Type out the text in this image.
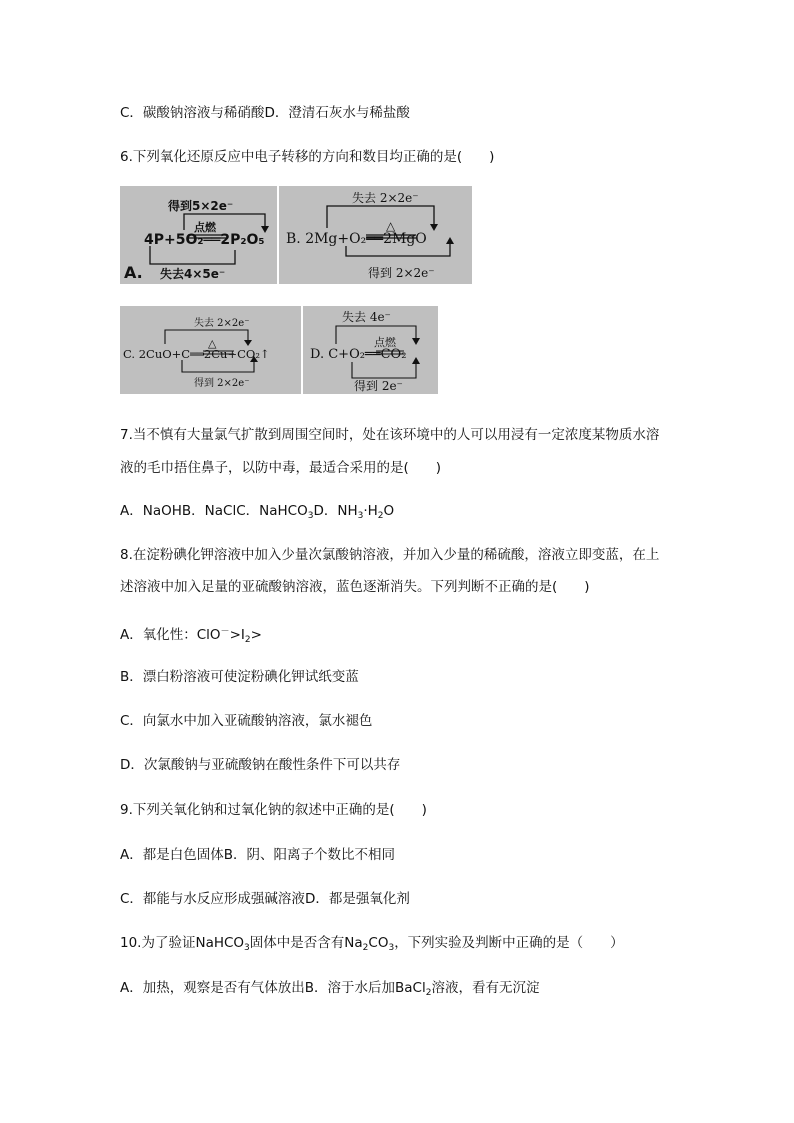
C．碳酸钠溶液与稀硝酸D．澄清石灰水与稀盐酸
6.下列氧化还原反应中电子转移的方向和数目均正确的是(　　)
得到5×2e⁻
点燃
4P+5O₂══2P₂O₅
失去4×5e⁻
A.
失去 2×2e⁻
△
B. 2Mg+O₂══2MgO
得到 2×2e⁻
失去 2×2e⁻
△
C. 2CuO+C══2Cu+CO₂↑
得到 2×2e⁻
失去 4e⁻
点燃
D. C+O₂══CO₂
得到 2e⁻
7.当不慎有大量氯气扩散到周围空间时，处在该环境中的人可以用浸有一定浓度某物质水溶
液的毛巾捂住鼻子，以防中毒，最适合采用的是(　　)
A．NaOHB．NaClC．NaHCO$_3$D．$NH_3\cdot H_2O$
8.在淀粉碘化钾溶液中加入少量次氯酸钠溶液，并加入少量的稀硫酸，溶液立即变蓝，在上
述溶液中加入足量的亚硫酸钠溶液，蓝色逐渐消失。下列判断不正确的是(　　)
A．氧化性：$ClO^->I_2>$
B．漂白粉溶液可使淀粉碘化钾试纸变蓝
C．向氯水中加入亚硫酸钠溶液，氯水褪色
D．次氯酸钠与亚硫酸钠在酸性条件下可以共存
9.下列关氧化钠和过氧化钠的叙述中正确的是(　　)
A．都是白色固体B．阴、阳离子个数比不相同
C．都能与水反应形成强碱溶液D．都是强氧化剂
10.为了验证NaHCO$_3$固体中是否含有$Na_2CO_3$，下列实验及判断中正确的是（　　）
A．加热，观察是否有气体放出B．溶于水后加BaCl$_2$溶液，看有无沉淀
